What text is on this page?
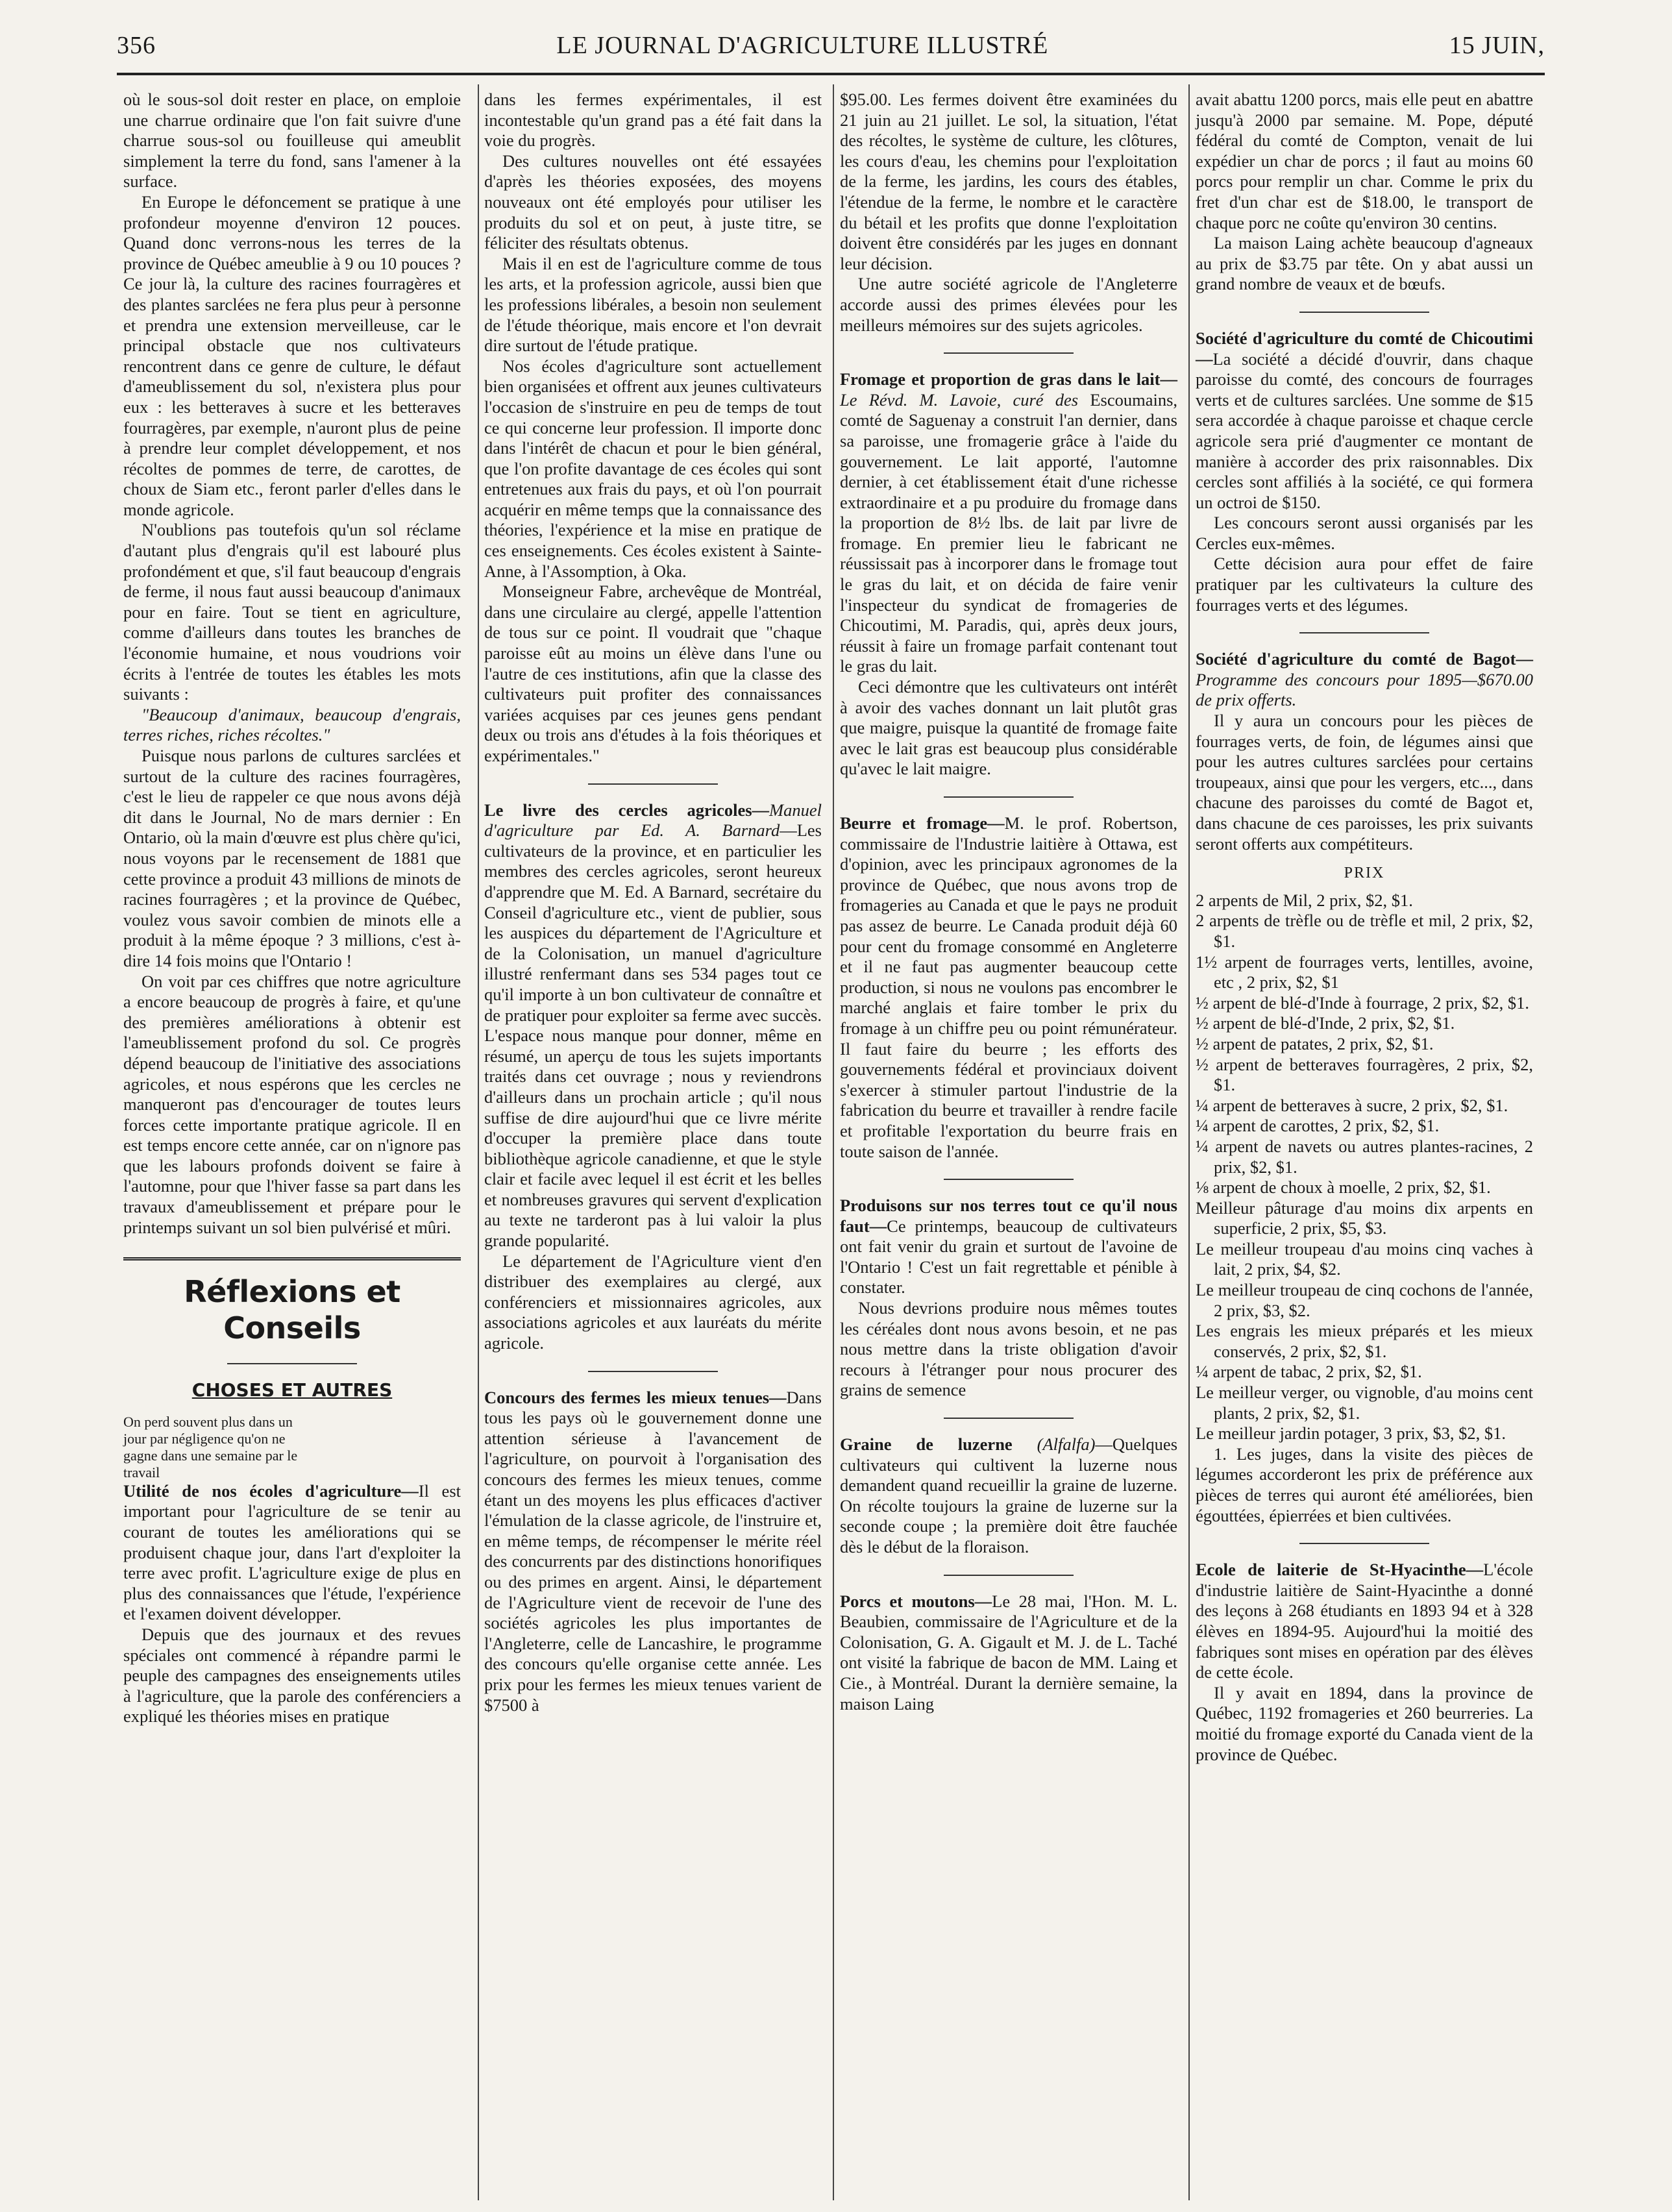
356	LE JOURNAL D'AGRICULTURE ILLUSTRÉ	15 JUIN,

où le sous-sol doit rester en place, on emploie une charrue ordinaire que l'on fait suivre d'une charrue sous-sol ou fouilleuse qui ameublit simplement la terre du fond, sans l'amener à la surface.

En Europe le défoncement se pratique à une profondeur moyenne d'environ 12 pouces. Quand donc verrons-nous les terres de la province de Québec ameublie à 9 ou 10 pouces ? Ce jour là, la culture des racines fourragères et des plantes sarclées ne fera plus peur à personne et prendra une extension merveilleuse, car le principal obstacle que nos cultivateurs rencontrent dans ce genre de culture, le défaut d'ameublissement du sol, n'existera plus pour eux : les betteraves à sucre et les betteraves fourragères, par exemple, n'auront plus de peine à prendre leur complet développement, et nos récoltes de pommes de terre, de carottes, de choux de Siam etc., feront parler d'elles dans le monde agricole.

N'oublions pas toutefois qu'un sol réclame d'autant plus d'engrais qu'il est labouré plus profondément et que, s'il faut beaucoup d'engrais de ferme, il nous faut aussi beaucoup d'animaux pour en faire. Tout se tient en agriculture, comme d'ailleurs dans toutes les branches de l'économie humaine, et nous voudrions voir écrits à l'entrée de toutes les étables les mots suivants :

"Beaucoup d'animaux, beaucoup d'engrais, terres riches, riches récoltes."

Puisque nous parlons de cultures sarclées et surtout de la culture des racines fourragères, c'est le lieu de rappeler ce que nous avons déjà dit dans le Journal, No de mars dernier : En Ontario, où la main d'œuvre est plus chère qu'ici, nous voyons par le recensement de 1881 que cette province a produit 43 millions de minots de racines fourragères ; et la province de Québec, voulez vous savoir combien de minots elle a produit à la même époque ? 3 millions, c'est à-dire 14 fois moins que l'Ontario !

On voit par ces chiffres que notre agriculture a encore beaucoup de progrès à faire, et qu'une des premières améliorations à obtenir est l'ameublissement profond du sol. Ce progrès dépend beaucoup de l'initiative des associations agricoles, et nous espérons que les cercles ne manqueront pas d'encourager de toutes leurs forces cette importante pratique agricole. Il en est temps encore cette année, car on n'ignore pas que les labours profonds doivent se faire à l'automne, pour que l'hiver fasse sa part dans les travaux d'ameublissement et prépare pour le printemps suivant un sol bien pulvérisé et mûri.

Réflexions et Conseils
CHOSES ET AUTRES

On perd souvent plus dans un jour par négligence qu'on ne gagne dans une semaine par le travail

Utilité de nos écoles d'agriculture—Il est important pour l'agriculture de se tenir au courant de toutes les améliorations qui se produisent chaque jour, dans l'art d'exploiter la terre avec profit. L'agriculture exige de plus en plus des connaissances que l'étude, l'expérience et l'examen doivent développer.

Depuis que des journaux et des revues spéciales ont commencé à répandre parmi le peuple des campagnes des enseignements utiles à l'agriculture, que la parole des conférenciers a expliqué les théories mises en pratique

dans les fermes expérimentales, il est incontestable qu'un grand pas a été fait dans la voie du progrès.

Des cultures nouvelles ont été essayées d'après les théories exposées, des moyens nouveaux ont été employés pour utiliser les produits du sol et on peut, à juste titre, se féliciter des résultats obtenus.

Mais il en est de l'agriculture comme de tous les arts, et la profession agricole, aussi bien que les professions libérales, a besoin non seulement de l'étude théorique, mais encore et l'on devrait dire surtout de l'étude pratique.

Nos écoles d'agriculture sont actuellement bien organisées et offrent aux jeunes cultivateurs l'occasion de s'instruire en peu de temps de tout ce qui concerne leur profession. Il importe donc dans l'intérêt de chacun et pour le bien général, que l'on profite davantage de ces écoles qui sont entretenues aux frais du pays, et où l'on pourrait acquérir en même temps que la connaissance des théories, l'expérience et la mise en pratique de ces enseignements. Ces écoles existent à Sainte-Anne, à l'Assomption, à Oka.

Monseigneur Fabre, archevêque de Montréal, dans une circulaire au clergé, appelle l'attention de tous sur ce point. Il voudrait que "chaque paroisse eût au moins un élève dans l'une ou l'autre de ces institutions, afin que la classe des cultivateurs puit profiter des connaissances variées acquises par ces jeunes gens pendant deux ou trois ans d'études à la fois théoriques et expérimentales."

Le livre des cercles agricoles—Manuel d'agriculture par Ed. A. Barnard—Les cultivateurs de la province, et en particulier les membres des cercles agricoles, seront heureux d'apprendre que M. Ed. A Barnard, secrétaire du Conseil d'agriculture etc., vient de publier, sous les auspices du département de l'Agriculture et de la Colonisation, un manuel d'agriculture illustré renfermant dans ses 534 pages tout ce qu'il importe à un bon cultivateur de connaître et de pratiquer pour exploiter sa ferme avec succès. L'espace nous manque pour donner, même en résumé, un aperçu de tous les sujets importants traités dans cet ouvrage ; nous y reviendrons d'ailleurs dans un prochain article ; qu'il nous suffise de dire aujourd'hui que ce livre mérite d'occuper la première place dans toute bibliothèque agricole canadienne, et que le style clair et facile avec lequel il est écrit et les belles et nombreuses gravures qui servent d'explication au texte ne tarderont pas à lui valoir la plus grande popularité.

Le département de l'Agriculture vient d'en distribuer des exemplaires au clergé, aux conférenciers et missionnaires agricoles, aux associations agricoles et aux lauréats du mérite agricole.

Concours des fermes les mieux tenues—Dans tous les pays où le gouvernement donne une attention sérieuse à l'avancement de l'agriculture, on pourvoit à l'organisation des concours des fermes les mieux tenues, comme étant un des moyens les plus efficaces d'activer l'émulation de la classe agricole, de l'instruire et, en même temps, de récompenser le mérite réel des concurrents par des distinctions honorifiques ou des primes en argent. Ainsi, le département de l'Agriculture vient de recevoir de l'une des sociétés agricoles les plus importantes de l'Angleterre, celle de Lancashire, le programme des concours qu'elle organise cette année. Les prix pour les fermes les mieux tenues varient de $7500 à

$95.00. Les fermes doivent être examinées du 21 juin au 21 juillet. Le sol, la situation, l'état des récoltes, le système de culture, les clôtures, les cours d'eau, les chemins pour l'exploitation de la ferme, les jardins, les cours des étables, l'étendue de la ferme, le nombre et le caractère du bétail et les profits que donne l'exploitation doivent être considérés par les juges en donnant leur décision.

Une autre société agricole de l'Angleterre accorde aussi des primes élevées pour les meilleurs mémoires sur des sujets agricoles.

Fromage et proportion de gras dans le lait—Le Révd. M. Lavoie, curé des Escoumains, comté de Saguenay a construit l'an dernier, dans sa paroisse, une fromagerie grâce à l'aide du gouvernement. Le lait apporté, l'automne dernier, à cet établissement était d'une richesse extraordinaire et a pu produire du fromage dans la proportion de 8½ lbs. de lait par livre de fromage. En premier lieu le fabricant ne réussissait pas à incorporer dans le fromage tout le gras du lait, et on décida de faire venir l'inspecteur du syndicat de fromageries de Chicoutimi, M. Paradis, qui, après deux jours, réussit à faire un fromage parfait contenant tout le gras du lait.

Ceci démontre que les cultivateurs ont intérêt à avoir des vaches donnant un lait plutôt gras que maigre, puisque la quantité de fromage faite avec le lait gras est beaucoup plus considérable qu'avec le lait maigre.

Beurre et fromage—M. le prof. Robertson, commissaire de l'Industrie laitière à Ottawa, est d'opinion, avec les principaux agronomes de la province de Québec, que nous avons trop de fromageries au Canada et que le pays ne produit pas assez de beurre. Le Canada produit déjà 60 pour cent du fromage consommé en Angleterre et il ne faut pas augmenter beaucoup cette production, si nous ne voulons pas encombrer le marché anglais et faire tomber le prix du fromage à un chiffre peu ou point rémunérateur. Il faut faire du beurre ; les efforts des gouvernements fédéral et provinciaux doivent s'exercer à stimuler partout l'industrie de la fabrication du beurre et travailler à rendre facile et profitable l'exportation du beurre frais en toute saison de l'année.

Produisons sur nos terres tout ce qu'il nous faut—Ce printemps, beaucoup de cultivateurs ont fait venir du grain et surtout de l'avoine de l'Ontario ! C'est un fait regrettable et pénible à constater.

Nous devrions produire nous mêmes toutes les céréales dont nous avons besoin, et ne pas nous mettre dans la triste obligation d'avoir recours à l'étranger pour nous procurer des grains de semence

Graine de luzerne (Alfalfa)—Quelques cultivateurs qui cultivent la luzerne nous demandent quand recueillir la graine de luzerne. On récolte toujours la graine de luzerne sur la seconde coupe ; la première doit être fauchée dès le début de la floraison.

Porcs et moutons—Le 28 mai, l'Hon. M. L. Beaubien, commissaire de l'Agriculture et de la Colonisation, G. A. Gigault et M. J. de L. Taché ont visité la fabrique de bacon de MM. Laing et Cie., à Montréal. Durant la dernière semaine, la maison Laing

avait abattu 1200 porcs, mais elle peut en abattre jusqu'à 2000 par semaine. M. Pope, député fédéral du comté de Compton, venait de lui expédier un char de porcs ; il faut au moins 60 porcs pour remplir un char. Comme le prix du fret d'un char est de $18.00, le transport de chaque porc ne coûte qu'environ 30 centins.

La maison Laing achète beaucoup d'agneaux au prix de $3.75 par tête. On y abat aussi un grand nombre de veaux et de bœufs.

Société d'agriculture du comté de Chicoutimi—La société a décidé d'ouvrir, dans chaque paroisse du comté, des concours de fourrages verts et de cultures sarclées. Une somme de $15 sera accordée à chaque paroisse et chaque cercle agricole sera prié d'augmenter ce montant de manière à accorder des prix raisonnables. Dix cercles sont affiliés à la société, ce qui formera un octroi de $150.

Les concours seront aussi organisés par les Cercles eux-mêmes.

Cette décision aura pour effet de faire pratiquer par les cultivateurs la culture des fourrages verts et des légumes.

Société d'agriculture du comté de Bagot—Programme des concours pour 1895—$670.00 de prix offerts.

Il y aura un concours pour les pièces de fourrages verts, de foin, de légumes ainsi que pour les autres cultures sarclées pour certains troupeaux, ainsi que pour les vergers, etc..., dans chacune des paroisses du comté de Bagot et, dans chacune de ces paroisses, les prix suivants seront offerts aux compétiteurs.

PRIX

2 arpents de Mil, 2 prix, $2, $1.

2 arpents de trèfle ou de trèfle et mil, 2 prix, $2, $1.

1½ arpent de fourrages verts, lentilles, avoine, etc , 2 prix, $2, $1

½ arpent de blé-d'Inde à fourrage, 2 prix, $2, $1.

½ arpent de blé-d'Inde, 2 prix, $2, $1.

½ arpent de patates, 2 prix, $2, $1.

½ arpent de betteraves fourragères, 2 prix, $2, $1.

¼ arpent de betteraves à sucre, 2 prix, $2, $1.

¼ arpent de carottes, 2 prix, $2, $1.

¼ arpent de navets ou autres plantes-racines, 2 prix, $2, $1.

⅛ arpent de choux à moelle, 2 prix, $2, $1.

Meilleur pâturage d'au moins dix arpents en superficie, 2 prix, $5, $3.

Le meilleur troupeau d'au moins cinq vaches à lait, 2 prix, $4, $2.

Le meilleur troupeau de cinq cochons de l'année, 2 prix, $3, $2.

Les engrais les mieux préparés et les mieux conservés, 2 prix, $2, $1.

¼ arpent de tabac, 2 prix, $2, $1.

Le meilleur verger, ou vignoble, d'au moins cent plants, 2 prix, $2, $1.

Le meilleur jardin potager, 3 prix, $3, $2, $1.

1. Les juges, dans la visite des pièces de légumes accorderont les prix de préférence aux pièces de terres qui auront été améliorées, bien égouttées, épierrées et bien cultivées.

Ecole de laiterie de St-Hyacinthe—L'école d'industrie laitière de Saint-Hyacinthe a donné des leçons à 268 étudiants en 1893 94 et à 328 élèves en 1894-95. Aujourd'hui la moitié des fabriques sont mises en opération par des élèves de cette école.

Il y avait en 1894, dans la province de Québec, 1192 fromageries et 260 beurreries. La moitié du fromage exporté du Canada vient de la province de Québec.
